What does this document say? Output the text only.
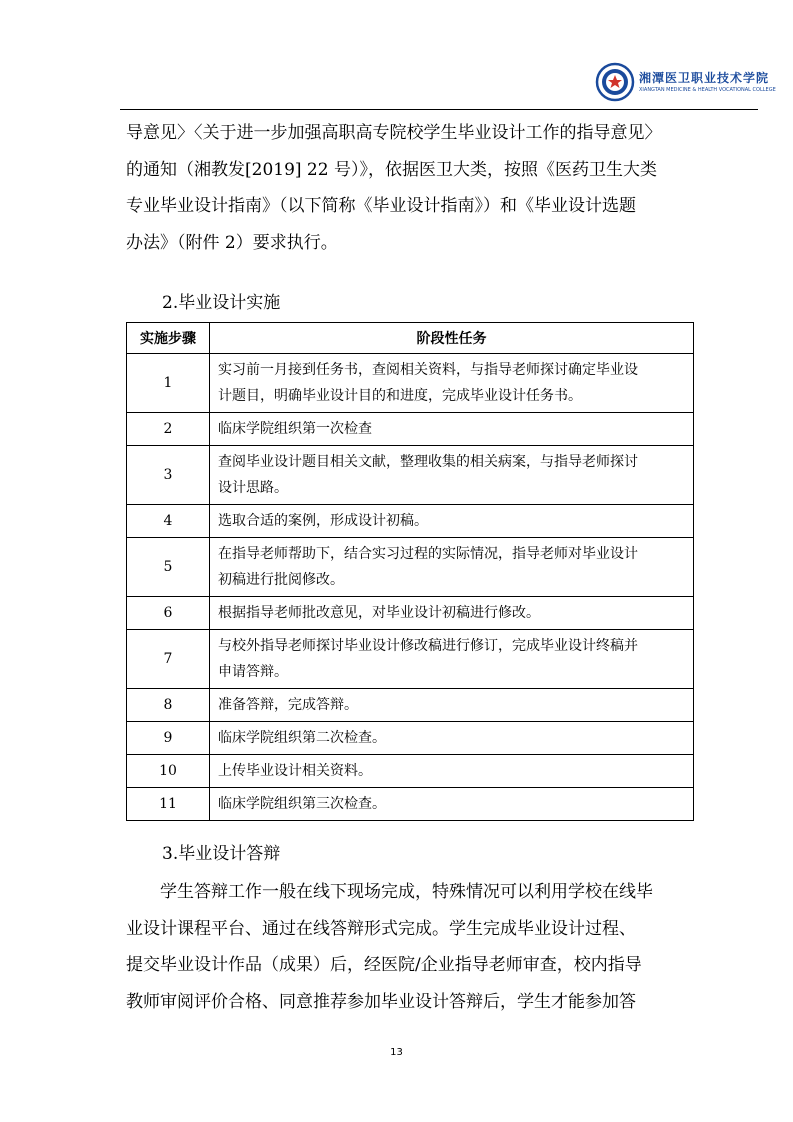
湘潭医卫职业技术学院
XIANGTAN MEDICINE & HEALTH VOCATIONAL COLLEGE

导意见〉〈关于进一步加强高职高专院校学生毕业设计工作的指导意见〉

的通知（湘教发[2019] 22 号）》，依据医卫大类，按照《医药卫生大类

专业毕业设计指南》（以下简称《毕业设计指南》）和《毕业设计选题

办法》（附件 2）要求执行。

2.毕业设计实施
实施步骤	阶段性任务
1	实习前一月接到任务书，查阅相关资料，与指导老师探讨确定毕业设
计题目，明确毕业设计目的和进度，完成毕业设计任务书。

2	临床学院组织第一次检查

3	查阅毕业设计题目相关文献，整理收集的相关病案，与指导老师探讨
设计思路。

4	选取合适的案例，形成设计初稿。

5	在指导老师帮助下，结合实习过程的实际情况，指导老师对毕业设计
初稿进行批阅修改。

6	根据指导老师批改意见，对毕业设计初稿进行修改。

7	与校外指导老师探讨毕业设计修改稿进行修订，完成毕业设计终稿并
申请答辩。

8	准备答辩，完成答辩。

9	临床学院组织第二次检查。

10	上传毕业设计相关资料。

11	临床学院组织第三次检查。
3.毕业设计答辩

学生答辩工作一般在线下现场完成，特殊情况可以利用学校在线毕

业设计课程平台、通过在线答辩形式完成。学生完成毕业设计过程、

提交毕业设计作品（成果）后，经医院/企业指导老师审查，校内指导

教师审阅评价合格、同意推荐参加毕业设计答辩后，学生才能参加答

13
